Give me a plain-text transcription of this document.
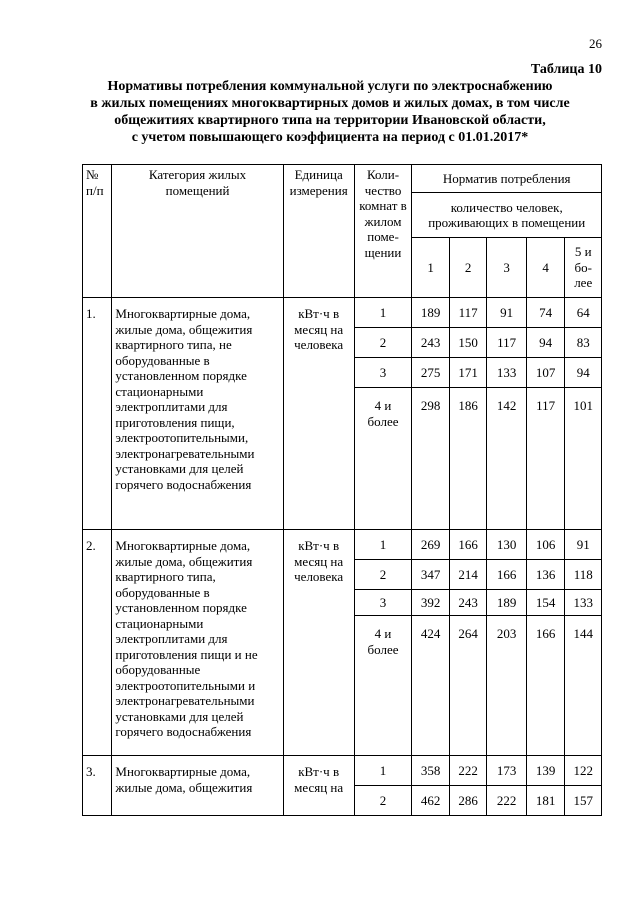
26
Таблица 10
Нормативы потребления коммунальной услуги по электроснабжению
в жилых помещениях многоквартирных домов и жилых домах, в том числе
общежитиях квартирного типа на территории Ивановской области,
с учетом повышающего коэффициента на период с 01.01.2017*
№ п/п	Категория жилых помещений	Единица измерения	Коли-чество комнат в жилом поме-щении	Норматив потребления				
				количество человек, проживающих в помещении				
				1	2	3	4	5 и бо-лее
1.	Многоквартирные дома, жилые дома, общежития квартирного типа, не оборудованные в установленном порядке стационарными электроплитами для приготовления пищи, электроотопительными, электронагревательными установками для целей горячего водоснабжения	кВт·ч в месяц на человека	1	189	117	91	74	64
			2	243	150	117	94	83
			3	275	171	133	107	94
			4 и более	298	186	142	117	101
2.	Многоквартирные дома, жилые дома, общежития квартирного типа, оборудованные в установленном порядке стационарными электроплитами для приготовления пищи и не оборудованные электроотопительными и электронагревательными установками для целей горячего водоснабжения	кВт·ч в месяц на человека	1	269	166	130	106	91
			2	347	214	166	136	118
			3	392	243	189	154	133
			4 и более	424	264	203	166	144
3.	Многоквартирные дома, жилые дома, общежития	кВт·ч в месяц на	1	358	222	173	139	122
			2	462	286	222	181	157
